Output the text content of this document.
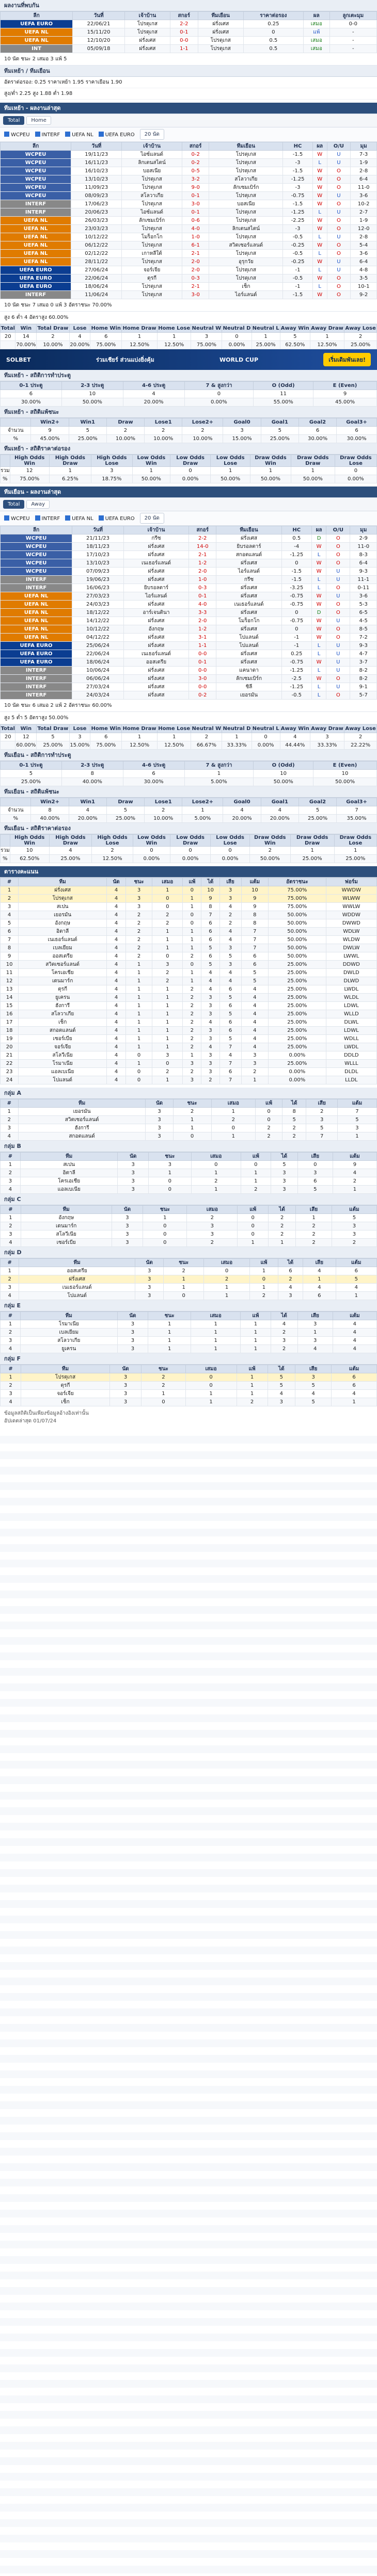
ผลงานที่พบกัน
ลีก	วันที่	เจ้าบ้าน	สกอร์	ทีมเยือน	ราคาต่อรอง	ผล	ลูกเตะมุม
UEFA EURO	22/06/21	โปรตุเกส	2-2	ฝรั่งเศส	0.25	เสมอ	0-0
UEFA NL	15/11/20	โปรตุเกส	0-1	ฝรั่งเศส	0	แพ้	-
UEFA NL	12/10/20	ฝรั่งเศส	0-0	โปรตุเกส	0.5	เสมอ	-
INT	05/09/18	ฝรั่งเศส	1-1	โปรตุเกส	0.5	เสมอ	-
10 นัด ชนะ 2 เสมอ 3 แพ้ 5
ทีมเหย้า / ทีมเยือน
อัตราต่อรอง: 0.25 ราคาเหย้า 1.95 ราคาเยือน 1.90
สูง/ต่ำ 2.25 สูง 1.88 ต่ำ 1.98
ทีมเหย้า - ผลงานล่าสุด
Total	Home
WCPEU	INTERF	UEFA NL	UEFA EURO	20 นัด
ลีก	วันที่	เจ้าบ้าน	สกอร์	ทีมเยือน	HC	ผล	O/U	มุม
WCPEU	19/11/23	ไอซ์แลนด์	0-2	โปรตุเกส	-1.5	W	U	7-3
WCPEU	16/11/23	ลิกเตนสไตน์	0-2	โปรตุเกส	-3	L	U	1-9
WCPEU	16/10/23	บอสเนีย	0-5	โปรตุเกส	-1.5	W	O	2-8
WCPEU	13/10/23	โปรตุเกส	3-2	สโลวาเกีย	-1.25	W	O	6-4
WCPEU	11/09/23	โปรตุเกส	9-0	ลักเซมเบิร์ก	-3	W	O	11-0
WCPEU	08/09/23	สโลวาเกีย	0-1	โปรตุเกส	-0.75	W	U	3-6
INTERF	17/06/23	โปรตุเกส	3-0	บอสเนีย	-1.5	W	O	10-2
INTERF	20/06/23	ไอซ์แลนด์	0-1	โปรตุเกส	-1.25	L	U	2-7
UEFA NL	26/03/23	ลักเซมเบิร์ก	0-6	โปรตุเกส	-2.25	W	O	1-9
UEFA NL	23/03/23	โปรตุเกส	4-0	ลิกเตนสไตน์	-3	W	O	12-0
UEFA NL	10/12/22	โมร็อกโก	1-0	โปรตุเกส	-0.5	L	U	2-8
UEFA NL	06/12/22	โปรตุเกส	6-1	สวิตเซอร์แลนด์	-0.25	W	O	5-4
UEFA NL	02/12/22	เกาหลีใต้	2-1	โปรตุเกส	-0.5	L	O	3-6
UEFA NL	28/11/22	โปรตุเกส	2-0	อุรุกวัย	-0.25	W	U	6-4
UEFA EURO	27/06/24	จอร์เจีย	2-0	โปรตุเกส	-1	L	U	4-8
UEFA EURO	22/06/24	ตุรกี	0-3	โปรตุเกส	-0.5	W	O	3-5
UEFA EURO	18/06/24	โปรตุเกส	2-1	เช็ก	-1	L	O	10-1
INTERF	11/06/24	โปรตุเกส	3-0	ไอร์แลนด์	-1.5	W	O	9-2
10 นัด ชนะ 7 เสมอ 0 แพ้ 3 อัตราชนะ 70.00%
สูง 6 ต่ำ 4 อัตราสูง 60.00%
Total	Win	Total Draw	Lose	Home Win	Home Draw	Home Lose	Neutral W	Neutral D	Neutral L	Away Win	Away Draw	Away Lose
20	14	2	4	6	1	1	3	0	1	5	1	2
	70.00%	10.00%	20.00%	75.00%	12.50%	12.50%	75.00%	0.00%	25.00%	62.50%	12.50%	25.00%
SOLBET	ร่วมเชียร์ ส่วนแบ่งยิ่งคุ้ม	WORLD CUP	เริ่มเดิมพันเลย!
ทีมเหย้า - สถิติการทำประตู
0-1 ประตู	2-3 ประตู	4-6 ประตู	7 & สูงกว่า	O (Odd)	E (Even)
6	10	4	0	11	9
30.00%	50.00%	20.00%	0.00%	55.00%	45.00%
ทีมเหย้า - สถิติแพ้ชนะ
	Win2+	Win1	Draw	Lose1	Lose2+	Goal0	Goal1	Goal2	Goal3+
จำนวน	9	5	2	2	2	3	5	6	6
%	45.00%	25.00%	10.00%	10.00%	10.00%	15.00%	25.00%	30.00%	30.00%
ทีมเหย้า - สถิติราคาต่อรอง
	High Odds Win	High Odds Draw	High Odds Lose	Low Odds Win	Low Odds Draw	Low Odds Lose	Draw Odds Win	Draw Odds Draw	Draw Odds Lose
รวม	12	1	3	1	0	1	1	1	0
%	75.00%	6.25%	18.75%	50.00%	0.00%	50.00%	50.00%	50.00%	0.00%
ทีมเยือน - ผลงานล่าสุด
Total	Away
WCPEU	INTERF	UEFA NL	UEFA EURO	20 นัด
ลีก	วันที่	เจ้าบ้าน	สกอร์	ทีมเยือน	HC	ผล	O/U	มุม
WCPEU	21/11/23	กรีซ	2-2	ฝรั่งเศส	0.5	D	O	2-9
WCPEU	18/11/23	ฝรั่งเศส	14-0	ยิบรอลตาร์	-4	W	O	11-0
WCPEU	17/10/23	ฝรั่งเศส	2-1	สกอตแลนด์	-1.25	L	O	8-3
WCPEU	13/10/23	เนเธอร์แลนด์	1-2	ฝรั่งเศส	0	W	O	6-4
WCPEU	07/09/23	ฝรั่งเศส	2-0	ไอร์แลนด์	-1.5	W	U	9-3
INTERF	19/06/23	ฝรั่งเศส	1-0	กรีซ	-1.5	L	U	11-1
INTERF	16/06/23	ยิบรอลตาร์	0-3	ฝรั่งเศส	-3.25	L	O	0-11
UEFA NL	27/03/23	ไอร์แลนด์	0-1	ฝรั่งเศส	-0.75	W	U	3-6
UEFA NL	24/03/23	ฝรั่งเศส	4-0	เนเธอร์แลนด์	-0.75	W	O	5-3
UEFA NL	18/12/22	อาร์เจนตินา	3-3	ฝรั่งเศส	0	D	O	6-5
UEFA NL	14/12/22	ฝรั่งเศส	2-0	โมร็อกโก	-0.75	W	U	4-5
UEFA NL	10/12/22	อังกฤษ	1-2	ฝรั่งเศส	0	W	O	8-5
UEFA NL	04/12/22	ฝรั่งเศส	3-1	โปแลนด์	-1	W	O	7-2
UEFA EURO	25/06/24	ฝรั่งเศส	1-1	โปแลนด์	-1	L	U	9-3
UEFA EURO	22/06/24	เนเธอร์แลนด์	0-0	ฝรั่งเศส	0.25	L	U	4-7
UEFA EURO	18/06/24	ออสเตรีย	0-1	ฝรั่งเศส	-0.75	W	U	3-7
INTERF	10/06/24	ฝรั่งเศส	0-0	แคนาดา	-1.25	L	U	8-2
INTERF	06/06/24	ฝรั่งเศส	3-0	ลักเซมเบิร์ก	-2.5	W	O	8-2
INTERF	27/03/24	ฝรั่งเศส	0-0	ชิลี	-1.25	L	U	9-1
INTERF	24/03/24	ฝรั่งเศส	0-2	เยอรมัน	-0.5	L	O	5-7
10 นัด ชนะ 6 เสมอ 2 แพ้ 2 อัตราชนะ 60.00%
สูง 5 ต่ำ 5 อัตราสูง 50.00%
Total	Win	Total Draw	Lose	Home Win	Home Draw	Home Lose	Neutral W	Neutral D	Neutral L	Away Win	Away Draw	Away Lose
20	12	5	3	6	1	1	2	1	0	4	3	2
	60.00%	25.00%	15.00%	75.00%	12.50%	12.50%	66.67%	33.33%	0.00%	44.44%	33.33%	22.22%
ทีมเยือน - สถิติการทำประตู
0-1 ประตู	2-3 ประตู	4-6 ประตู	7 & สูงกว่า	O (Odd)	E (Even)
5	8	6	1	10	10
25.00%	40.00%	30.00%	5.00%	50.00%	50.00%
ทีมเยือน - สถิติแพ้ชนะ
	Win2+	Win1	Draw	Lose1	Lose2+	Goal0	Goal1	Goal2	Goal3+
จำนวน	8	4	5	2	1	4	4	5	7
%	40.00%	20.00%	25.00%	10.00%	5.00%	20.00%	20.00%	25.00%	35.00%
ทีมเยือน - สถิติราคาต่อรอง
	High Odds Win	High Odds Draw	High Odds Lose	Low Odds Win	Low Odds Draw	Low Odds Lose	Draw Odds Win	Draw Odds Draw	Draw Odds Lose
รวม	10	4	2	0	0	0	2	1	1
%	62.50%	25.00%	12.50%	0.00%	0.00%	0.00%	50.00%	25.00%	25.00%
ตารางคะแนน
#	ทีม	นัด	ชนะ	เสมอ	แพ้	ได้	เสีย	แต้ม	อัตราชนะ	ฟอร์ม
1	ฝรั่งเศส	4	3	1	0	10	3	10	75.00%	WWDW
2	โปรตุเกส	4	3	0	1	9	3	9	75.00%	WLWW
3	สเปน	4	3	0	1	8	4	9	75.00%	WWLW
4	เยอรมัน	4	2	2	0	7	2	8	50.00%	WDDW
5	อังกฤษ	4	2	2	0	6	2	8	50.00%	DWWD
6	อิตาลี	4	2	1	1	6	4	7	50.00%	WDLW
7	เนเธอร์แลนด์	4	2	1	1	6	4	7	50.00%	WLDW
8	เบลเยียม	4	2	1	1	5	3	7	50.00%	DWLW
9	ออสเตรีย	4	2	0	2	6	5	6	50.00%	LWWL
10	สวิตเซอร์แลนด์	4	1	3	0	5	3	6	25.00%	DDWD
11	โครเอเชีย	4	1	2	1	4	4	5	25.00%	DWLD
12	เดนมาร์ก	4	1	2	1	4	4	5	25.00%	DLWD
13	ตุรกี	4	1	1	2	4	6	4	25.00%	LWDL
14	ยูเครน	4	1	1	2	3	5	4	25.00%	WLDL
15	ฮังการี	4	1	1	2	3	6	4	25.00%	LDWL
16	สโลวาเกีย	4	1	1	2	3	5	4	25.00%	WLLD
17	เช็ก	4	1	1	2	4	6	4	25.00%	DLWL
18	สกอตแลนด์	4	1	1	2	3	6	4	25.00%	LDWL
19	เซอร์เบีย	4	1	1	2	3	5	4	25.00%	WDLL
20	จอร์เจีย	4	1	1	2	4	7	4	25.00%	LWDL
21	สโลวีเนีย	4	0	3	1	3	4	3	0.00%	DDLD
22	โรมาเนีย	4	1	0	3	3	7	3	25.00%	WLLL
23	แอลเบเนีย	4	0	2	2	3	6	2	0.00%	DLDL
24	โปแลนด์	4	0	1	3	2	7	1	0.00%	LLDL
กลุ่ม A
#	ทีม	นัด	ชนะ	เสมอ	แพ้	ได้	เสีย	แต้ม
1	เยอรมัน	3	2	1	0	8	2	7
2	สวิตเซอร์แลนด์	3	1	2	0	5	3	5
3	ฮังการี	3	1	0	2	2	5	3
4	สกอตแลนด์	3	0	1	2	2	7	1
กลุ่ม B
#	ทีม	นัด	ชนะ	เสมอ	แพ้	ได้	เสีย	แต้ม
1	สเปน	3	3	0	0	5	0	9
2	อิตาลี	3	1	1	1	3	3	4
3	โครเอเชีย	3	0	2	1	3	6	2
4	แอลเบเนีย	3	0	1	2	3	5	1
กลุ่ม C
#	ทีม	นัด	ชนะ	เสมอ	แพ้	ได้	เสีย	แต้ม
1	อังกฤษ	3	1	2	0	2	1	5
2	เดนมาร์ก	3	0	3	0	2	2	3
3	สโลวีเนีย	3	0	3	0	2	2	3
4	เซอร์เบีย	3	0	2	1	1	2	2
กลุ่ม D
#	ทีม	นัด	ชนะ	เสมอ	แพ้	ได้	เสีย	แต้ม
1	ออสเตรีย	3	2	0	1	6	4	6
2	ฝรั่งเศส	3	1	2	0	2	1	5
3	เนเธอร์แลนด์	3	1	1	1	4	4	4
4	โปแลนด์	3	0	1	2	3	6	1
กลุ่ม E
#	ทีม	นัด	ชนะ	เสมอ	แพ้	ได้	เสีย	แต้ม
1	โรมาเนีย	3	1	1	1	4	3	4
2	เบลเยียม	3	1	1	1	2	1	4
3	สโลวาเกีย	3	1	1	1	3	3	4
4	ยูเครน	3	1	1	1	2	4	4
กลุ่ม F
#	ทีม	นัด	ชนะ	เสมอ	แพ้	ได้	เสีย	แต้ม
1	โปรตุเกส	3	2	0	1	5	3	6
2	ตุรกี	3	2	0	1	5	5	6
3	จอร์เจีย	3	1	1	1	4	4	4
4	เช็ก	3	0	1	2	3	5	1
ข้อมูลสถิติเป็นเพียงข้อมูลอ้างอิงเท่านั้น
อัปเดตล่าสุด 01/07/24
